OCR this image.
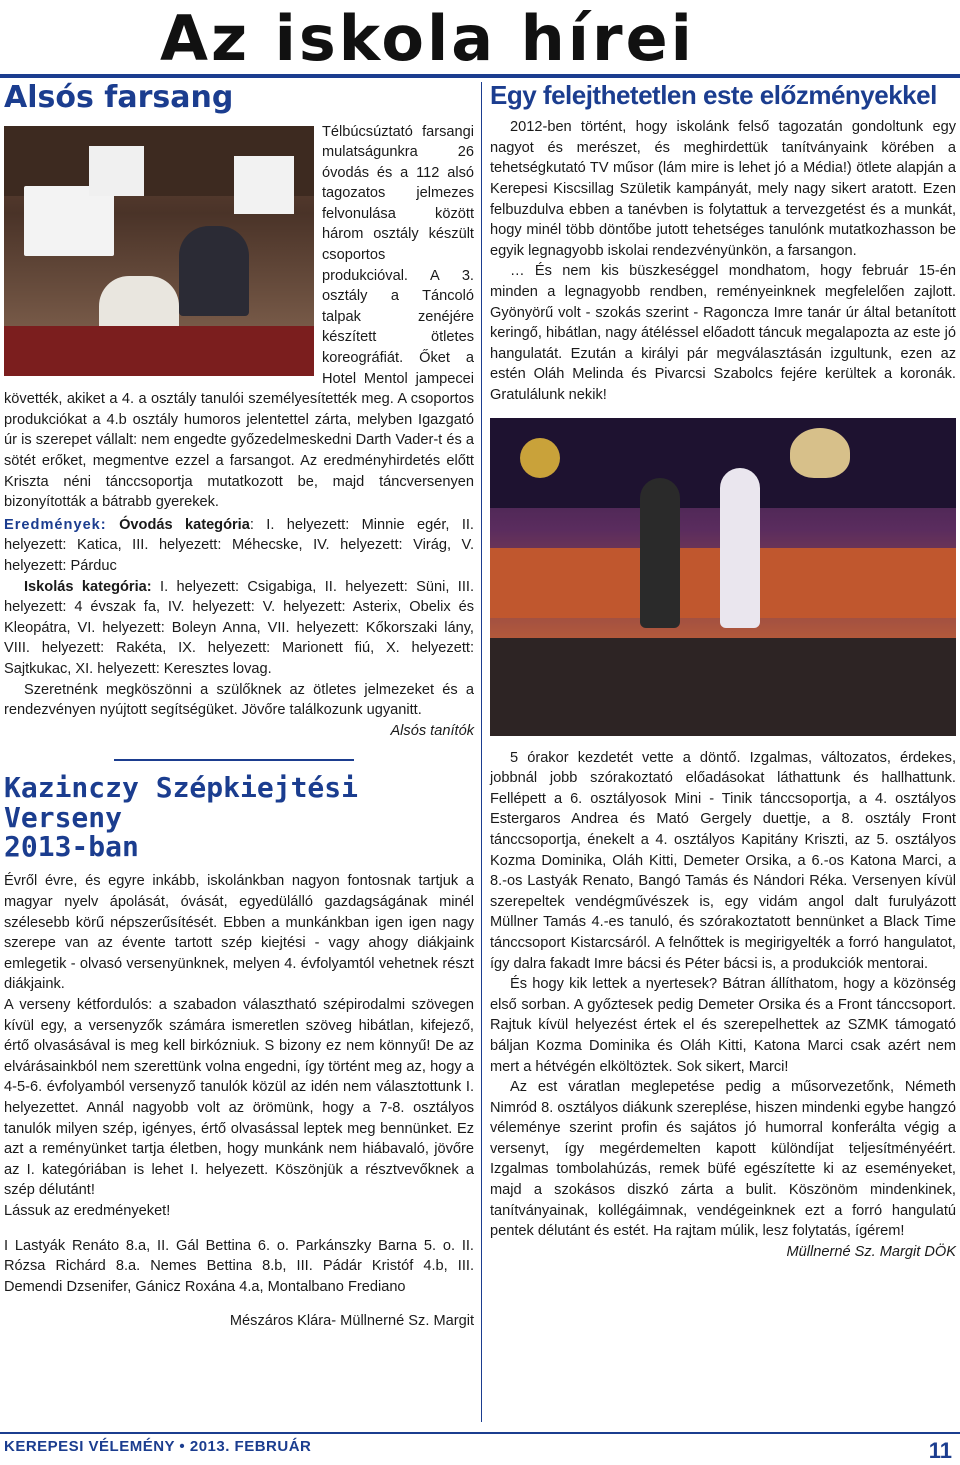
Az iskola hírei
Alsós farsang

Télbúcsúztató farsangi mulatságunkra 26 óvodás és a 112 alsó tagozatos jelmezes felvonulása között három osztály készült csoportos produkcióval. A 3. osztály a Táncoló talpak zenéjére készített ötletes koreográfiát. Őket a Hotel Mentol jampecei követték, akiket a 4. a osztály tanulói személyesítették meg. A csoportos produkciókat a 4.b osztály humoros jelentettel zárta, melyben Igazgató úr is szerepet vállalt: nem engedte győzedelmeskedni Darth Vader-t és a sötét erőket, megmentve ezzel a farsangot. Az eredményhirdetés előtt Kriszta néni tánccsoportja mutatkozott be, majd táncversenyen bizonyították a bátrabb gyerekek.

Eredmények: Óvodás kategória: I. helyezett: Minnie egér, II. helyezett: Katica, III. helyezett: Méhecske, IV. helyezett: Virág, V. helyezett: Párduc

Iskolás kategória: I. helyezett: Csigabiga, II. helyezett: Süni, III. helyezett: 4 évszak fa, IV. helyezett: V. helyezett: Asterix, Obelix és Kleopátra, VI. helyezett: Boleyn Anna, VII. helyezett: Kőkorszaki lány, VIII. helyezett: Rakéta, IX. helyezett: Marionett fiú, X. helyezett: Sajtkukac, XI. helyezett: Keresztes lovag.

Szeretnénk megköszönni a szülőknek az ötletes jelmezeket és a rendezvényen nyújtott segítségüket. Jövőre találkozunk ugyanitt.

Alsós tanítók
Kazinczy Szépkiejtési Verseny
2013-ban

Évről évre, és egyre inkább, iskolánkban nagyon fontosnak tartjuk a magyar nyelv ápolását, óvását, egyedülálló gazdagságának minél szélesebb körű népszerűsítését. Ebben a munkánkban igen igen nagy szerepe van az évente tartott szép kiejtési - vagy ahogy diákjaink emlegetik - olvasó versenyünknek, melyen 4. évfolyamtól vehetnek részt diákjaink.

A verseny kétfordulós: a szabadon választható szépirodalmi szövegen kívül egy, a versenyzők számára ismeretlen szöveg hibátlan, kifejező, értő olvasásával is meg kell birkózniuk. S bizony ez nem könnyű! De az elvárásainkból nem szerettünk volna engedni, így történt meg az, hogy a 4-5-6. évfolyamból versenyző tanulók közül az idén nem választottunk I. helyezettet. Annál nagyobb volt az örömünk, hogy a 7-8. osztályos tanulók milyen szép, igényes, értő olvasással leptek meg bennünket. Ez azt a reményünket tartja életben, hogy munkánk nem hiábavaló, jövőre az I. kategóriában is lehet I. helyezett. Köszönjük a résztvevőknek a szép délutánt!

Lássuk az eredményeket!

I Lastyák Renáto 8.a, II. Gál Bettina 6. o. Parkánszky Barna 5. o. II. Rózsa Richárd 8.a. Nemes Bettina 8.b, III. Pádár Kristóf 4.b, III. Demendi Dzsenifer, Gánicz Roxána 4.a, Montalbano Frediano

Mészáros Klára- Müllnerné Sz. Margit
Egy felejthetetlen este előzményekkel

2012-ben történt, hogy iskolánk felső tagozatán gondoltunk egy nagyot és merészet, és meghirdettük tanítványaink körében a tehetségkutató TV műsor (lám mire is lehet jó a Média!) ötlete alapján a Kerepesi Kiscsillag Születik kampányát, mely nagy sikert aratott. Ezen felbuzdulva ebben a tanévben is folytattuk a tervezgetést és a munkát, hogy minél több döntőbe jutott tehetséges tanulónk mutatkozhasson be egyik legnagyobb iskolai rendezvényünkön, a farsangon.

… És nem kis büszkeséggel mondhatom, hogy február 15-én minden a legnagyobb rendben, reményeinknek megfelelően zajlott. Gyönyörű volt - szokás szerint - Ragoncza Imre tanár úr által betanított keringő, hibátlan, nagy átéléssel előadott táncuk megalapozta az este jó hangulatát. Ezután a királyi pár megválasztásán izgultunk, ezen az estén Oláh Melinda és Pivarcsi Szabolcs fejére kerültek a koronák. Gratulálunk nekik!

5 órakor kezdetét vette a döntő. Izgalmas, változatos, érdekes, jobbnál jobb szórakoztató előadásokat láthattunk és hallhattunk. Fellépett a 6. osztályosok Mini - Tinik tánccsoportja, a 4. osztályos Estergaros Andrea és Mató Gergely duettje, a 8. osztály Front tánccsoportja, énekelt a 4. osztályos Kapitány Kriszti, az 5. osztályos Kozma Dominika, Oláh Kitti, Demeter Orsika, a 6.-os Katona Marci, a 8.-os Lastyák Renato, Bangó Tamás és Nándori Réka. Versenyen kívül szerepeltek vendégművészek is, egy vidám angol dalt furulyázott Müllner Tamás 4.-es tanuló, és szórakoztatott bennünket a Black Time tánccsoport Kistarcsáról. A felnőttek is megirigyelték a forró hangulatot, így dalra fakadt Imre bácsi és Péter bácsi is, a produkciók mentorai.

És hogy kik lettek a nyertesek? Bátran állíthatom, hogy a közönség első sorban. A győztesek pedig Demeter Orsika és a Front tánccsoport. Rajtuk kívül helyezést értek el és szerepelhettek az SZMK támogató báljan Kozma Dominika és Oláh Kitti, Katona Marci csak azért nem mert a hétvégén elköltöztek. Sok sikert, Marci!

Az est váratlan meglepetése pedig a műsorvezetőnk, Németh Nimród 8. osztályos diákunk szereplése, hiszen mindenki egybe hangzó véleménye szerint profin és sajátos jó humorral konferálta végig a versenyt, így megérdemelten kapott különdíjat teljesítményéért. Izgalmas tombolahúzás, remek büfé egészítette ki az eseményeket, majd a szokásos diszkó zárta a bulit. Köszönöm mindenkinek, tanítványainak, kollégáimnak, vendégeinknek ezt a forró hangulatú pentek délutánt és estét. Ha rajtam múlik, lesz folytatás, ígérem!

Müllnerné Sz. Margit DÖK
KEREPESI VÉLEMÉNY • 2013. FEBRUÁR	11
